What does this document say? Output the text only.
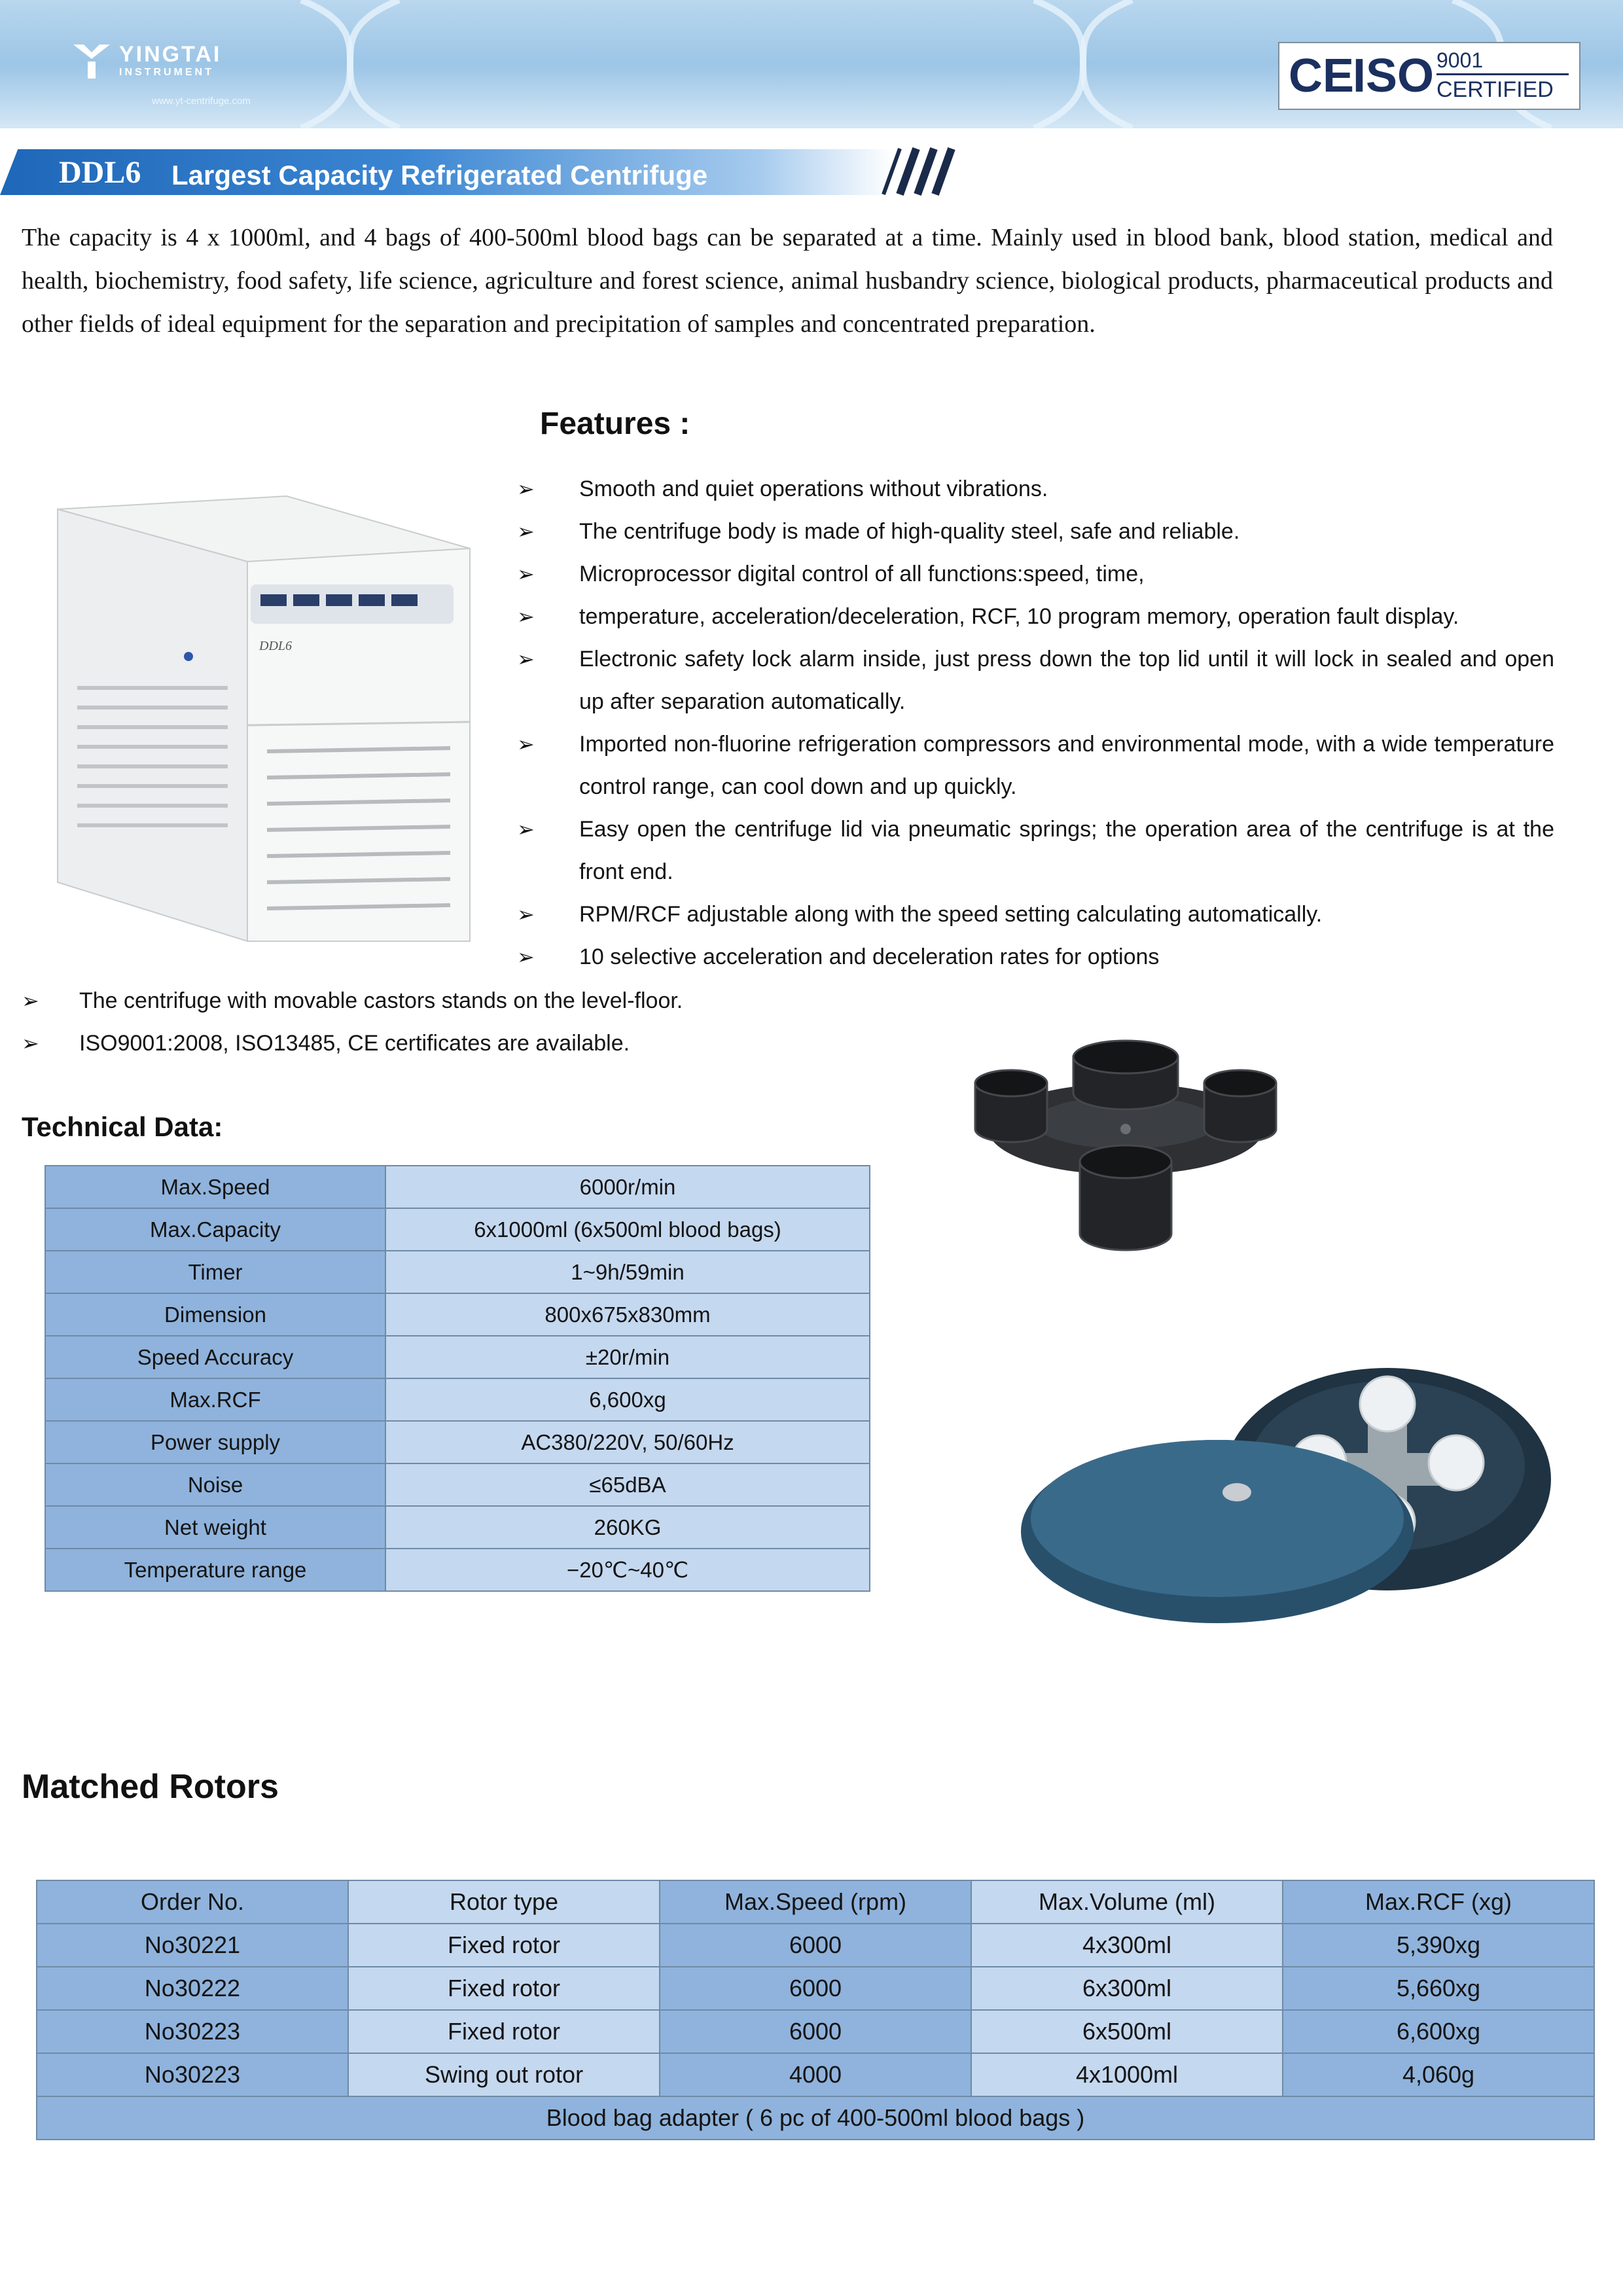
YINGTAI
INSTRUMENT
www.yt-centrifuge.com	CE
ISO 9001
CERTIFIED
DDL6 Largest Capacity Refrigerated Centrifuge

The capacity is 4 x 1000ml, and 4 bags of 400-500ml blood bags can be separated at a time. Mainly used in blood bank, blood station, medical and health, biochemistry, food safety, life science, agriculture and forest science, animal husbandry science, biological products, pharmaceutical products and other fields of ideal equipment for the separation and precipitation of samples and concentrated preparation.

Features :
DDL6
➢ Smooth and quiet operations without vibrations.
➢ The centrifuge body is made of high-quality steel, safe and reliable.
➢ Microprocessor digital control of all functions:speed, time,
➢ temperature, acceleration/deceleration, RCF, 10 program memory, operation fault display.
➢ Electronic safety lock alarm inside, just press down the top lid until it will lock in sealed and open up after separation automatically.
➢ Imported non-fluorine refrigeration compressors and environmental mode, with a wide temperature control range, can cool down and up quickly.
➢ Easy open the centrifuge lid via pneumatic springs; the operation area of the centrifuge is at the front end.
➢ RPM/RCF adjustable along with the speed setting calculating automatically.
➢ 10 selective acceleration and deceleration rates for options
➢ The centrifuge with movable castors stands on the level-floor.
➢ ISO9001:2008, ISO13485, CE certificates are available.
Technical Data:
Max.Speed	6000r/min
Max.Capacity	6x1000ml (6x500ml blood bags)
Timer	1~9h/59min
Dimension	800x675x830mm
Speed Accuracy	±20r/min
Max.RCF	6,600xg
Power supply	AC380/220V, 50/60Hz
Noise	≤65dBA
Net weight	260KG
Temperature range	−20℃~40℃
Matched Rotors
Order No.	Rotor type	Max.Speed (rpm)	Max.Volume (ml)	Max.RCF (xg)
No30221	Fixed rotor	6000	4x300ml	5,390xg
No30222	Fixed rotor	6000	6x300ml	5,660xg
No30223	Fixed rotor	6000	6x500ml	6,600xg
No30223	Swing out rotor	4000	4x1000ml	4,060g
Blood bag adapter ( 6 pc of 400-500ml blood bags )				
